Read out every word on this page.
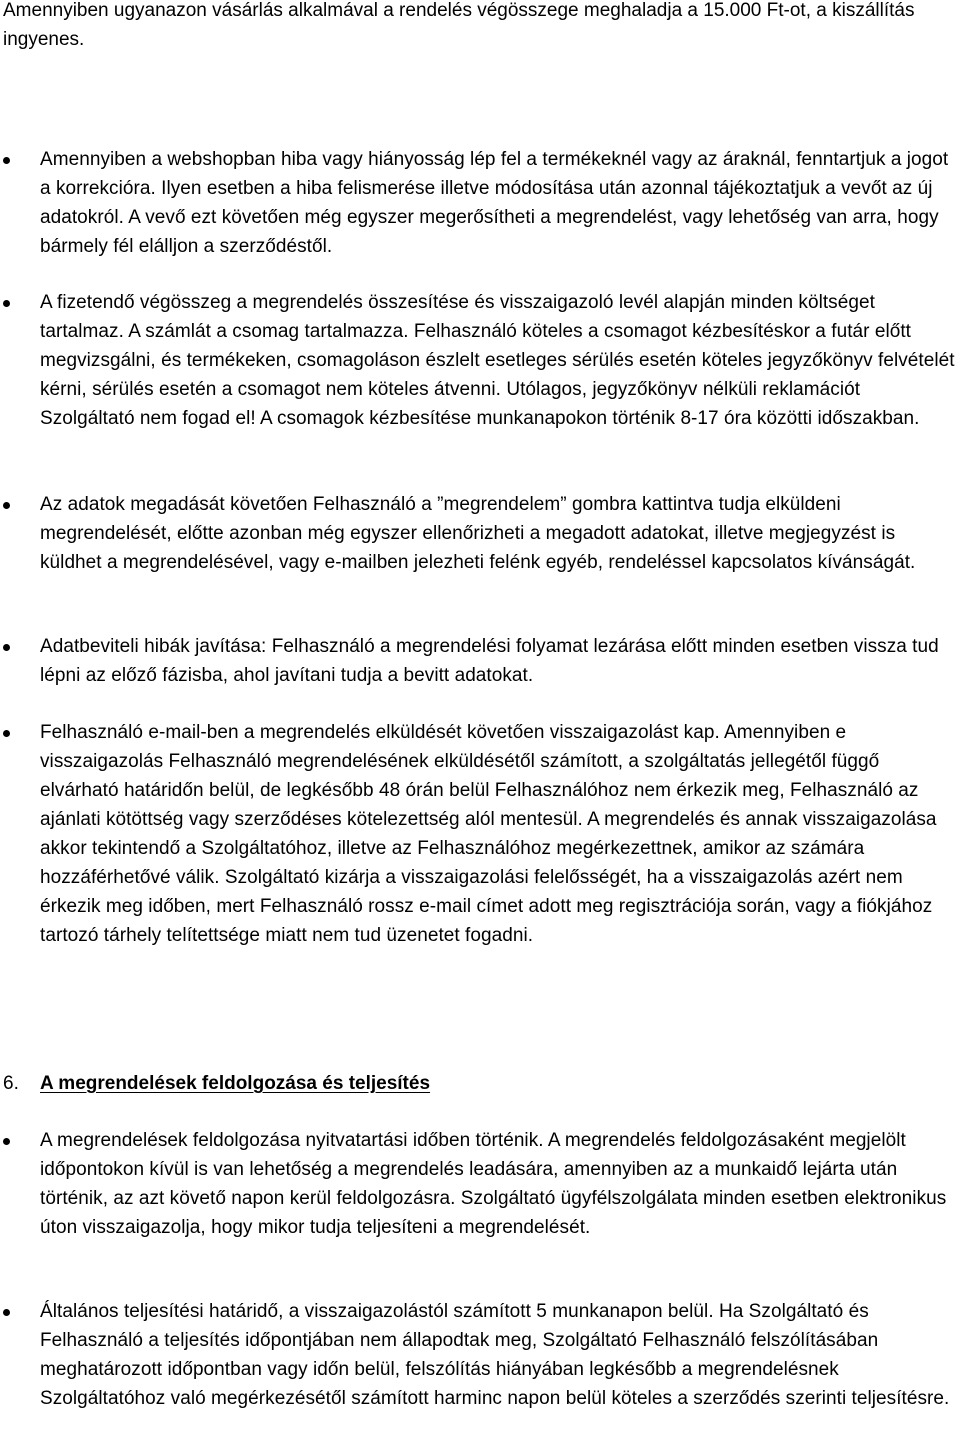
Amennyiben ugyanazon vásárlás alkalmával a rendelés végösszege meghaladja a 15.000 Ft-ot, a kiszállítás ingyenes.

Amennyiben a webshopban hiba vagy hiányosság lép fel a termékeknél vagy az áraknál, fenntartjuk a jogot a korrekcióra. Ilyen esetben a hiba felismerése illetve módosítása után azonnal tájékoztatjuk a vevőt az új adatokról. A vevő ezt követően még egyszer megerősítheti a megrendelést, vagy lehetőség van arra, hogy bármely fél elálljon a szerződéstől.

A fizetendő végösszeg a megrendelés összesítése és visszaigazoló levél alapján minden költséget tartalmaz. A számlát a csomag tartalmazza. Felhasználó köteles a csomagot kézbesítéskor a futár előtt megvizsgálni, és termékeken, csomagoláson észlelt esetleges sérülés esetén köteles jegyzőkönyv felvételét kérni, sérülés esetén a csomagot nem köteles átvenni. Utólagos, jegyzőkönyv nélküli reklamációt Szolgáltató nem fogad el! A csomagok kézbesítése munkanapokon történik 8-17 óra közötti időszakban.

Az adatok megadását követően Felhasználó a ”megrendelem” gombra kattintva tudja elküldeni megrendelését, előtte azonban még egyszer ellenőrizheti a megadott adatokat, illetve megjegyzést is küldhet a megrendelésével, vagy e-mailben jelezheti felénk egyéb, rendeléssel kapcsolatos kívánságát.

Adatbeviteli hibák javítása: Felhasználó a megrendelési folyamat lezárása előtt minden esetben vissza tud lépni az előző fázisba, ahol javítani tudja a bevitt adatokat.

Felhasználó e-mail-ben a megrendelés elküldését követően visszaigazolást kap. Amennyiben e visszaigazolás Felhasználó megrendelésének elküldésétől számított, a szolgáltatás jellegétől függő elvárható határidőn belül, de legkésőbb 48 órán belül Felhasználóhoz nem érkezik meg, Felhasználó az ajánlati kötöttség vagy szerződéses kötelezettség alól mentesül. A megrendelés és annak visszaigazolása akkor tekintendő a Szolgáltatóhoz, illetve az Felhasználóhoz megérkezettnek, amikor az számára hozzáférhetővé válik. Szolgáltató kizárja a visszaigazolási felelősségét, ha a visszaigazolás azért nem érkezik meg időben, mert Felhasználó rossz e-mail címet adott meg regisztrációja során, vagy a fiókjához tartozó tárhely telítettsége miatt nem tud üzenetet fogadni.

6. A megrendelések feldolgozása és teljesítés

A megrendelések feldolgozása nyitvatartási időben történik. A megrendelés feldolgozásaként megjelölt időpontokon kívül is van lehetőség a megrendelés leadására, amennyiben az a munkaidő lejárta után történik, az azt követő napon kerül feldolgozásra. Szolgáltató ügyfélszolgálata minden esetben elektronikus úton visszaigazolja, hogy mikor tudja teljesíteni a megrendelését.

Általános teljesítési határidő, a visszaigazolástól számított 5 munkanapon belül. Ha Szolgáltató és Felhasználó a teljesítés időpontjában nem állapodtak meg, Szolgáltató Felhasználó felszólításában meghatározott időpontban vagy időn belül, felszólítás hiányában legkésőbb a megrendelésnek Szolgáltatóhoz való megérkezésétől számított harminc napon belül köteles a szerződés szerinti teljesítésre.
